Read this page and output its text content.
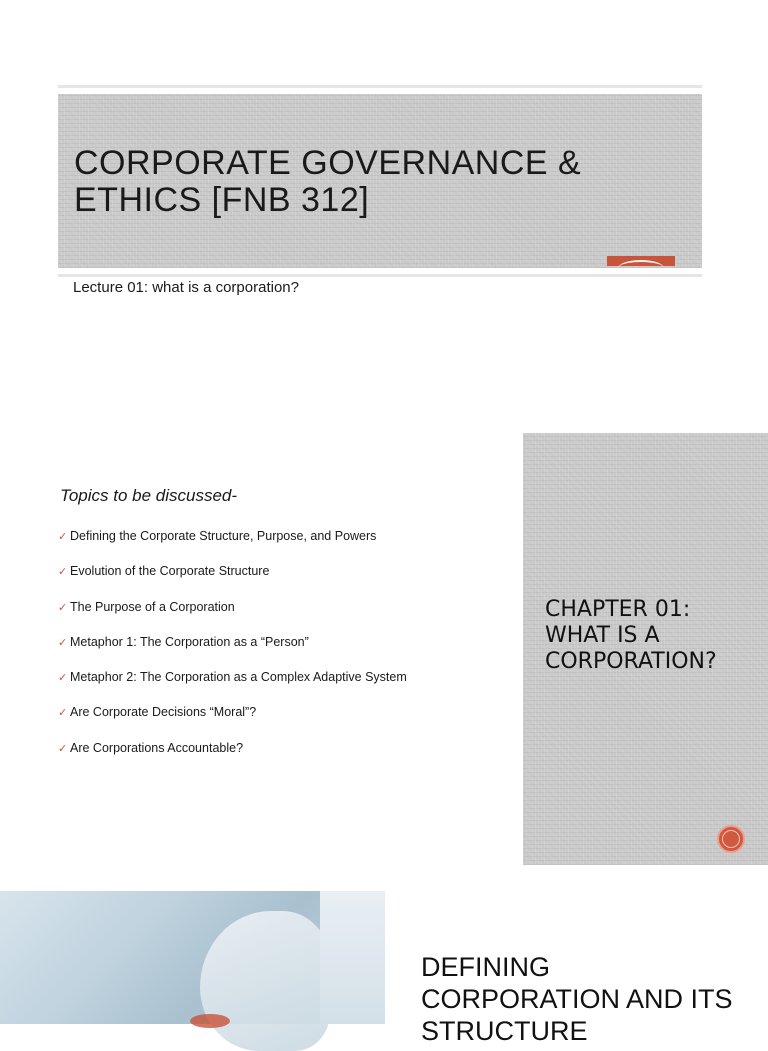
CORPORATE GOVERNANCE & ETHICS [FNB 312]
Lecture 01: what is a corporation?
Topics to be discussed-
✓ Defining the Corporate Structure, Purpose, and Powers
✓ Evolution of the Corporate Structure
✓ The Purpose of a Corporation
✓ Metaphor 1: The Corporation as a “Person”
✓ Metaphor 2: The Corporation as a Complex Adaptive System
✓ Are Corporate Decisions “Moral”?
✓ Are Corporations Accountable?
CHAPTER 01: WHAT IS A CORPORATION?
DEFINING CORPORATION AND ITS STRUCTURE
